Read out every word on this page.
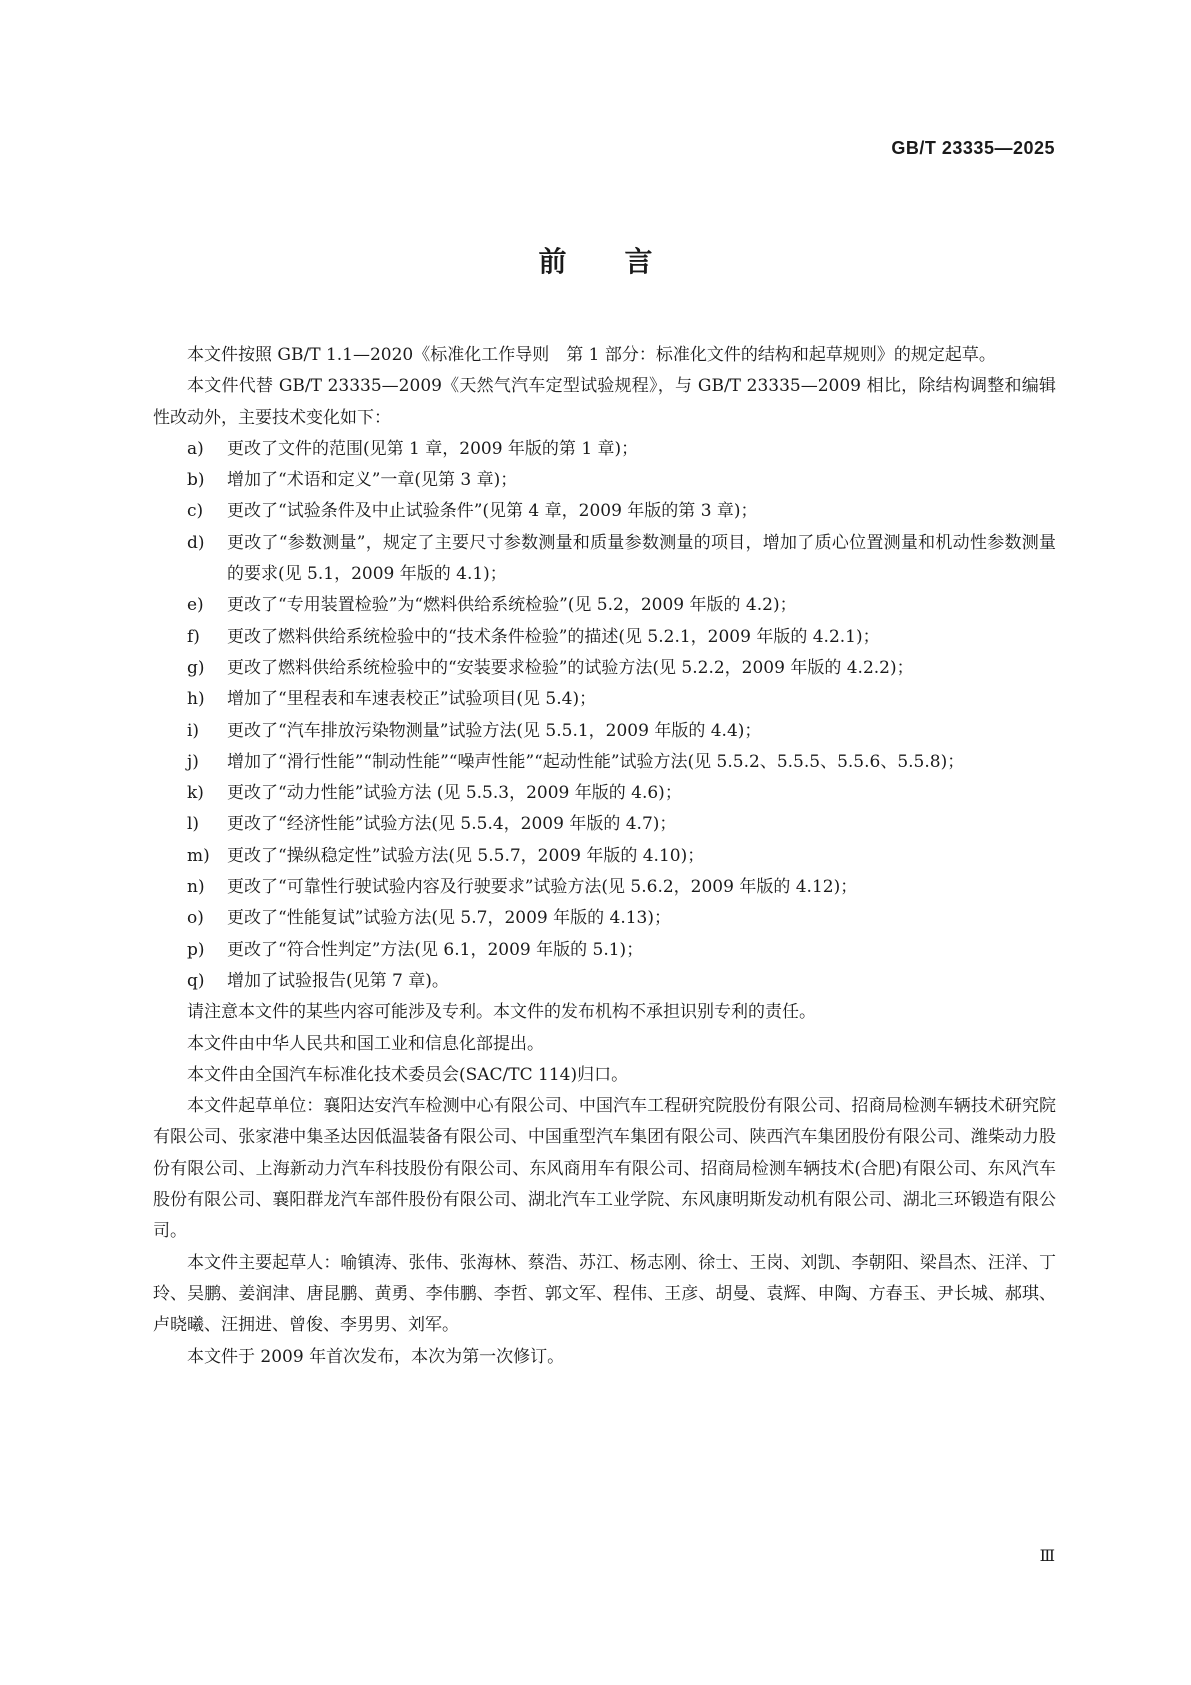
GB/T 23335—2025
前言

本文件按照 GB/T 1.1—2020《标准化工作导则　第 1 部分：标准化文件的结构和起草规则》的规定起草。

本文件代替 GB/T 23335—2009《天然气汽车定型试验规程》，与 GB/T 23335—2009 相比，除结构调整和编辑性改动外，主要技术变化如下：

a)	更改了文件的范围(见第 1 章，2009 年版的第 1 章)；
b)	增加了“术语和定义”一章(见第 3 章)；
c)	更改了“试验条件及中止试验条件”(见第 4 章，2009 年版的第 3 章)；
d)	更改了“参数测量”，规定了主要尺寸参数测量和质量参数测量的项目，增加了质心位置测量和机动性参数测量的要求(见 5.1，2009 年版的 4.1)；
e)	更改了“专用装置检验”为“燃料供给系统检验”(见 5.2，2009 年版的 4.2)；
f)	更改了燃料供给系统检验中的“技术条件检验”的描述(见 5.2.1，2009 年版的 4.2.1)；
g)	更改了燃料供给系统检验中的“安装要求检验”的试验方法(见 5.2.2，2009 年版的 4.2.2)；
h)	增加了“里程表和车速表校正”试验项目(见 5.4)；
i)	更改了“汽车排放污染物测量”试验方法(见 5.5.1，2009 年版的 4.4)；
j)	增加了“滑行性能”“制动性能”“噪声性能”“起动性能”试验方法(见 5.5.2、5.5.5、5.5.6、5.5.8)；
k)	更改了“动力性能”试验方法 (见 5.5.3，2009 年版的 4.6)；
l)	更改了“经济性能”试验方法(见 5.5.4，2009 年版的 4.7)；
m)	更改了“操纵稳定性”试验方法(见 5.5.7，2009 年版的 4.10)；
n)	更改了“可靠性行驶试验内容及行驶要求”试验方法(见 5.6.2，2009 年版的 4.12)；
o)	更改了“性能复试”试验方法(见 5.7，2009 年版的 4.13)；
p)	更改了“符合性判定”方法(见 6.1，2009 年版的 5.1)；
q)	增加了试验报告(见第 7 章)。

请注意本文件的某些内容可能涉及专利。本文件的发布机构不承担识别专利的责任。

本文件由中华人民共和国工业和信息化部提出。

本文件由全国汽车标准化技术委员会(SAC/TC 114)归口。

本文件起草单位：襄阳达安汽车检测中心有限公司、中国汽车工程研究院股份有限公司、招商局检测车辆技术研究院有限公司、张家港中集圣达因低温装备有限公司、中国重型汽车集团有限公司、陕西汽车集团股份有限公司、潍柴动力股份有限公司、上海新动力汽车科技股份有限公司、东风商用车有限公司、招商局检测车辆技术(合肥)有限公司、东风汽车股份有限公司、襄阳群龙汽车部件股份有限公司、湖北汽车工业学院、东风康明斯发动机有限公司、湖北三环锻造有限公司。

本文件主要起草人：喻镇涛、张伟、张海林、蔡浩、苏江、杨志刚、徐士、王岗、刘凯、李朝阳、梁昌杰、汪洋、丁玲、吴鹏、姜润津、唐昆鹏、黄勇、李伟鹏、李哲、郭文军、程伟、王彦、胡曼、袁辉、申陶、方春玉、尹长城、郝琪、卢晓曦、汪拥进、曾俊、李男男、刘军。

本文件于 2009 年首次发布，本次为第一次修订。

Ⅲ
